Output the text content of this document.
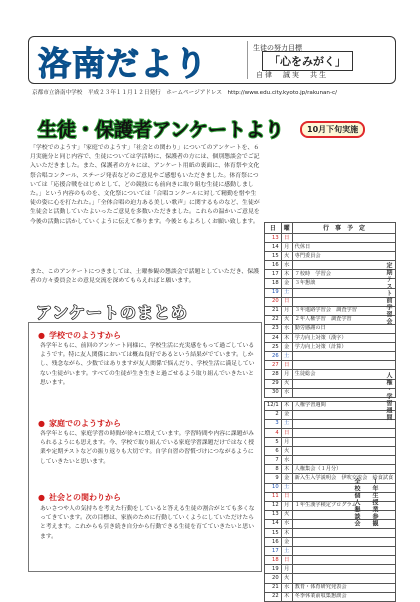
洛南だより	生徒の努力目標
「心をみがく」
自律　誠実　共生
京都市立洛南中学校　平成２３年１１月１２日発行　ホームページアドレス　http://www.edu.city.kyoto.jp/rakunan-c/
生徒・保護者アンケートより	10月下旬実施
「学校でのようす」「家庭でのようす」「社会との関わり」についてのアンケートを、６月実施分と同じ内容で、生徒については学活時に、保護者の方には、個別懇談会でご記入いただきました。また、保護者の方々には、アンケート用紙の裏面に、体育祭や文化祭合唱コンクール、ステージ発表などのご意見やご感想もいただきました。体育祭については「応援合戦をはじめとして、どの競技にも前向きに取り組む生徒に感動しました。」という内容のものを、文化祭については「合唱コンクールに対して精勤を惜や生徒の姿に心を打たれた。」「全体合唱の迫力ある美しい歌声」に関するものなど、生徒が生徒会と活動していたよいったご意見を多数いただきました。これらの温かいご意見を今後の活動に活かしていくように伝えて参ります。今後ともよろしくお願い致します。
また、このアンケートにつきましては、土曜参観の懇談会で話題としていただき、保護者の方々委員会との意見交流を深めてもらえればと願います。
アンケートのまとめ
● 学校でのようすから
各学年ともに、前回のアンケート同様に、学校生活に充実感をもって過ごしているようです。特に友人関係においては概ね良好であるという結果がでています。しかし、残念ながら、少数ではありますが友人関係で悩んだり、学校生活に満足していない生徒がいます。すべての生徒が生き生きと過ごせるよう取り組んでいきたいと思います。
● 家庭でのようすから
各学年ともに、家庭学習の時間が徐々に増えています。学習時間や内容に課題がみられるようにも思えます。今、学校で取り組んでいる家庭学習課題だけではなく授業や定期テストなどの振り返りも大切です。自学自習の習慣づけにつながるようにしていきたいと思います。
● 社会との関わりから
あいさつや人の気持ちを考えた行動をしていると答える生徒の割合がとても多くなってきています。次の目標は、家族のために行動していくようにしていただけたらと考えます。これからも引き続き自分から行動できる生徒を育てていきたいと思います。
日	曜	行　事　予　定
13	日	
14	月	代休日
15	火	専門委員会
16	水	
17	木	７校時　学習会
18	金	３年懇談
19	土	
20	日	
21	月	３年進路学習会　調査学習
22	火	２年人権学習　調査学習
23	水	勤労感謝の日
24	木	学力向上対策（漢字）
25	金	学力向上対策（計算）
26	土	
27	日	
28	月	生徒総会
29	火	
30	水	

12/1	木	人権学習週間
2	金	
3	土	
4	日	
5	月	
6	火	
7	水	
8	木	人権集会（１月分）
9	金	新入生入学説明会　伊吹交流会　給食試食
10	土	
11	日	
12	月	１年生漢字検定プログラム
13	火	
14	水	
15	木	
16	金	
17	土	
18	日	
19	月	
20	火	
21	水	教育・体育研究発表会
22	木	冬季休業前収集懇談会
定期テスト前学習会
人権・学習週間
全校個人懇談会 １年生授業参観
